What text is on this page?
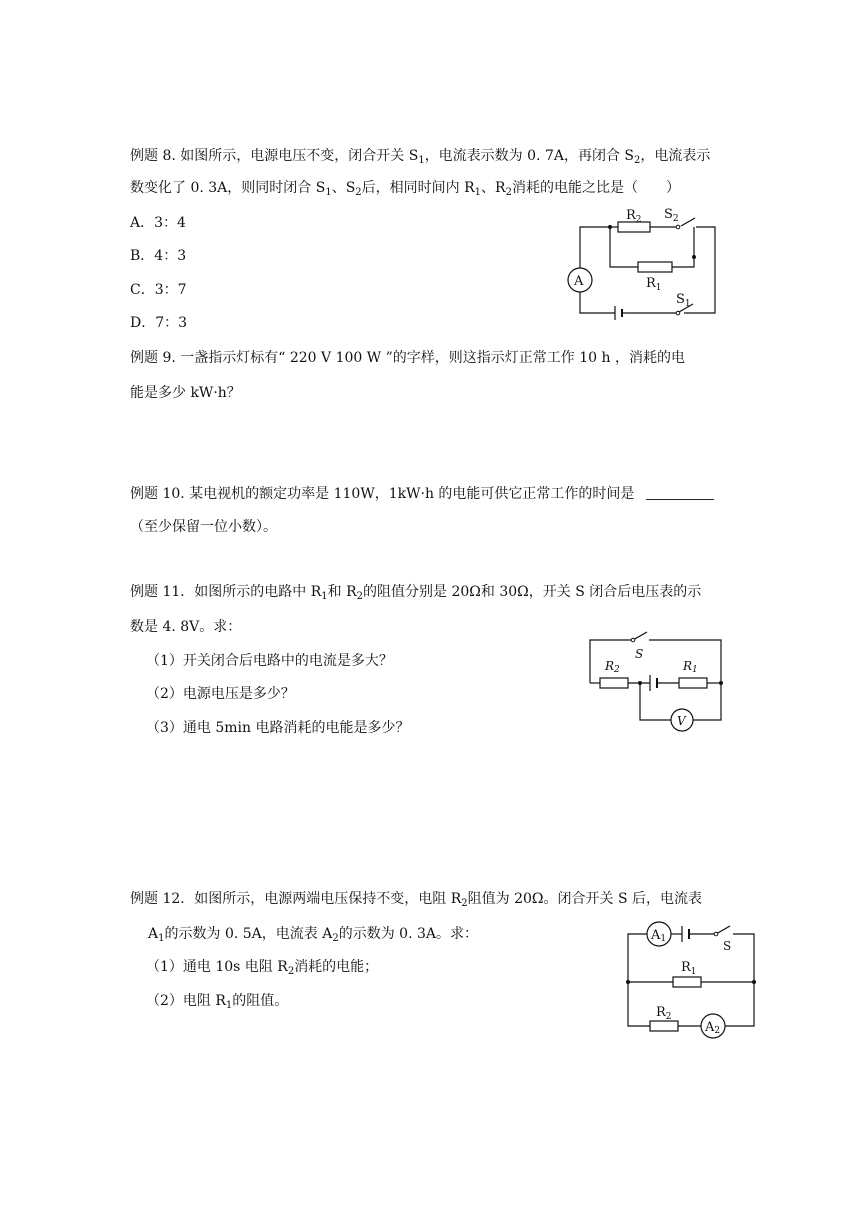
例题 8. 如图所示，电源电压不变，闭合开关 $S_1$，电流表示数为 0. 7A，再闭合 $S_2$，电流表示
数变化了 0. 3A，则同时闭合 $S_1$、$S_2$后，相同时间内 $R_1$、$R_2$消耗的电能之比是（　　）
A．3：4
B．4：3
C．3：7
D．7：3
A
$R_2$ $S_2$
$R_1$
$S_1$
例题 9. 一盏指示灯标有“ 220 V 100 W ”的字样，则这指示灯正常工作 10 h ，消耗的电
能是多少 kW·h？
例题 10. 某电视机的额定功率是 110W，1kW·h 的电能可供它正常工作的时间是
（至少保留一位小数）。
例题 11．如图所示的电路中 $R_1$和 $R_2$的阻值分别是 20Ω和 30Ω，开关 S 闭合后电压表的示
数是 4. 8V。求：
（1）开关闭合后电路中的电流是多大？
（2）电源电压是多少？
（3）通电 5min 电路消耗的电能是多少？	V
S
R2	R1
例题 12．如图所示，电源两端电压保持不变，电阻 $R_2$阻值为 20Ω。闭合开关 S 后，电流表
$A_1$的示数为 0. 5A，电流表 $A_2$的示数为 0. 3A。求：
（1）通电 10s 电阻 $R_2$消耗的电能；
（2）电阻 $R_1$的阻值。
A1
A2
S
$R_1$
$R_2$
